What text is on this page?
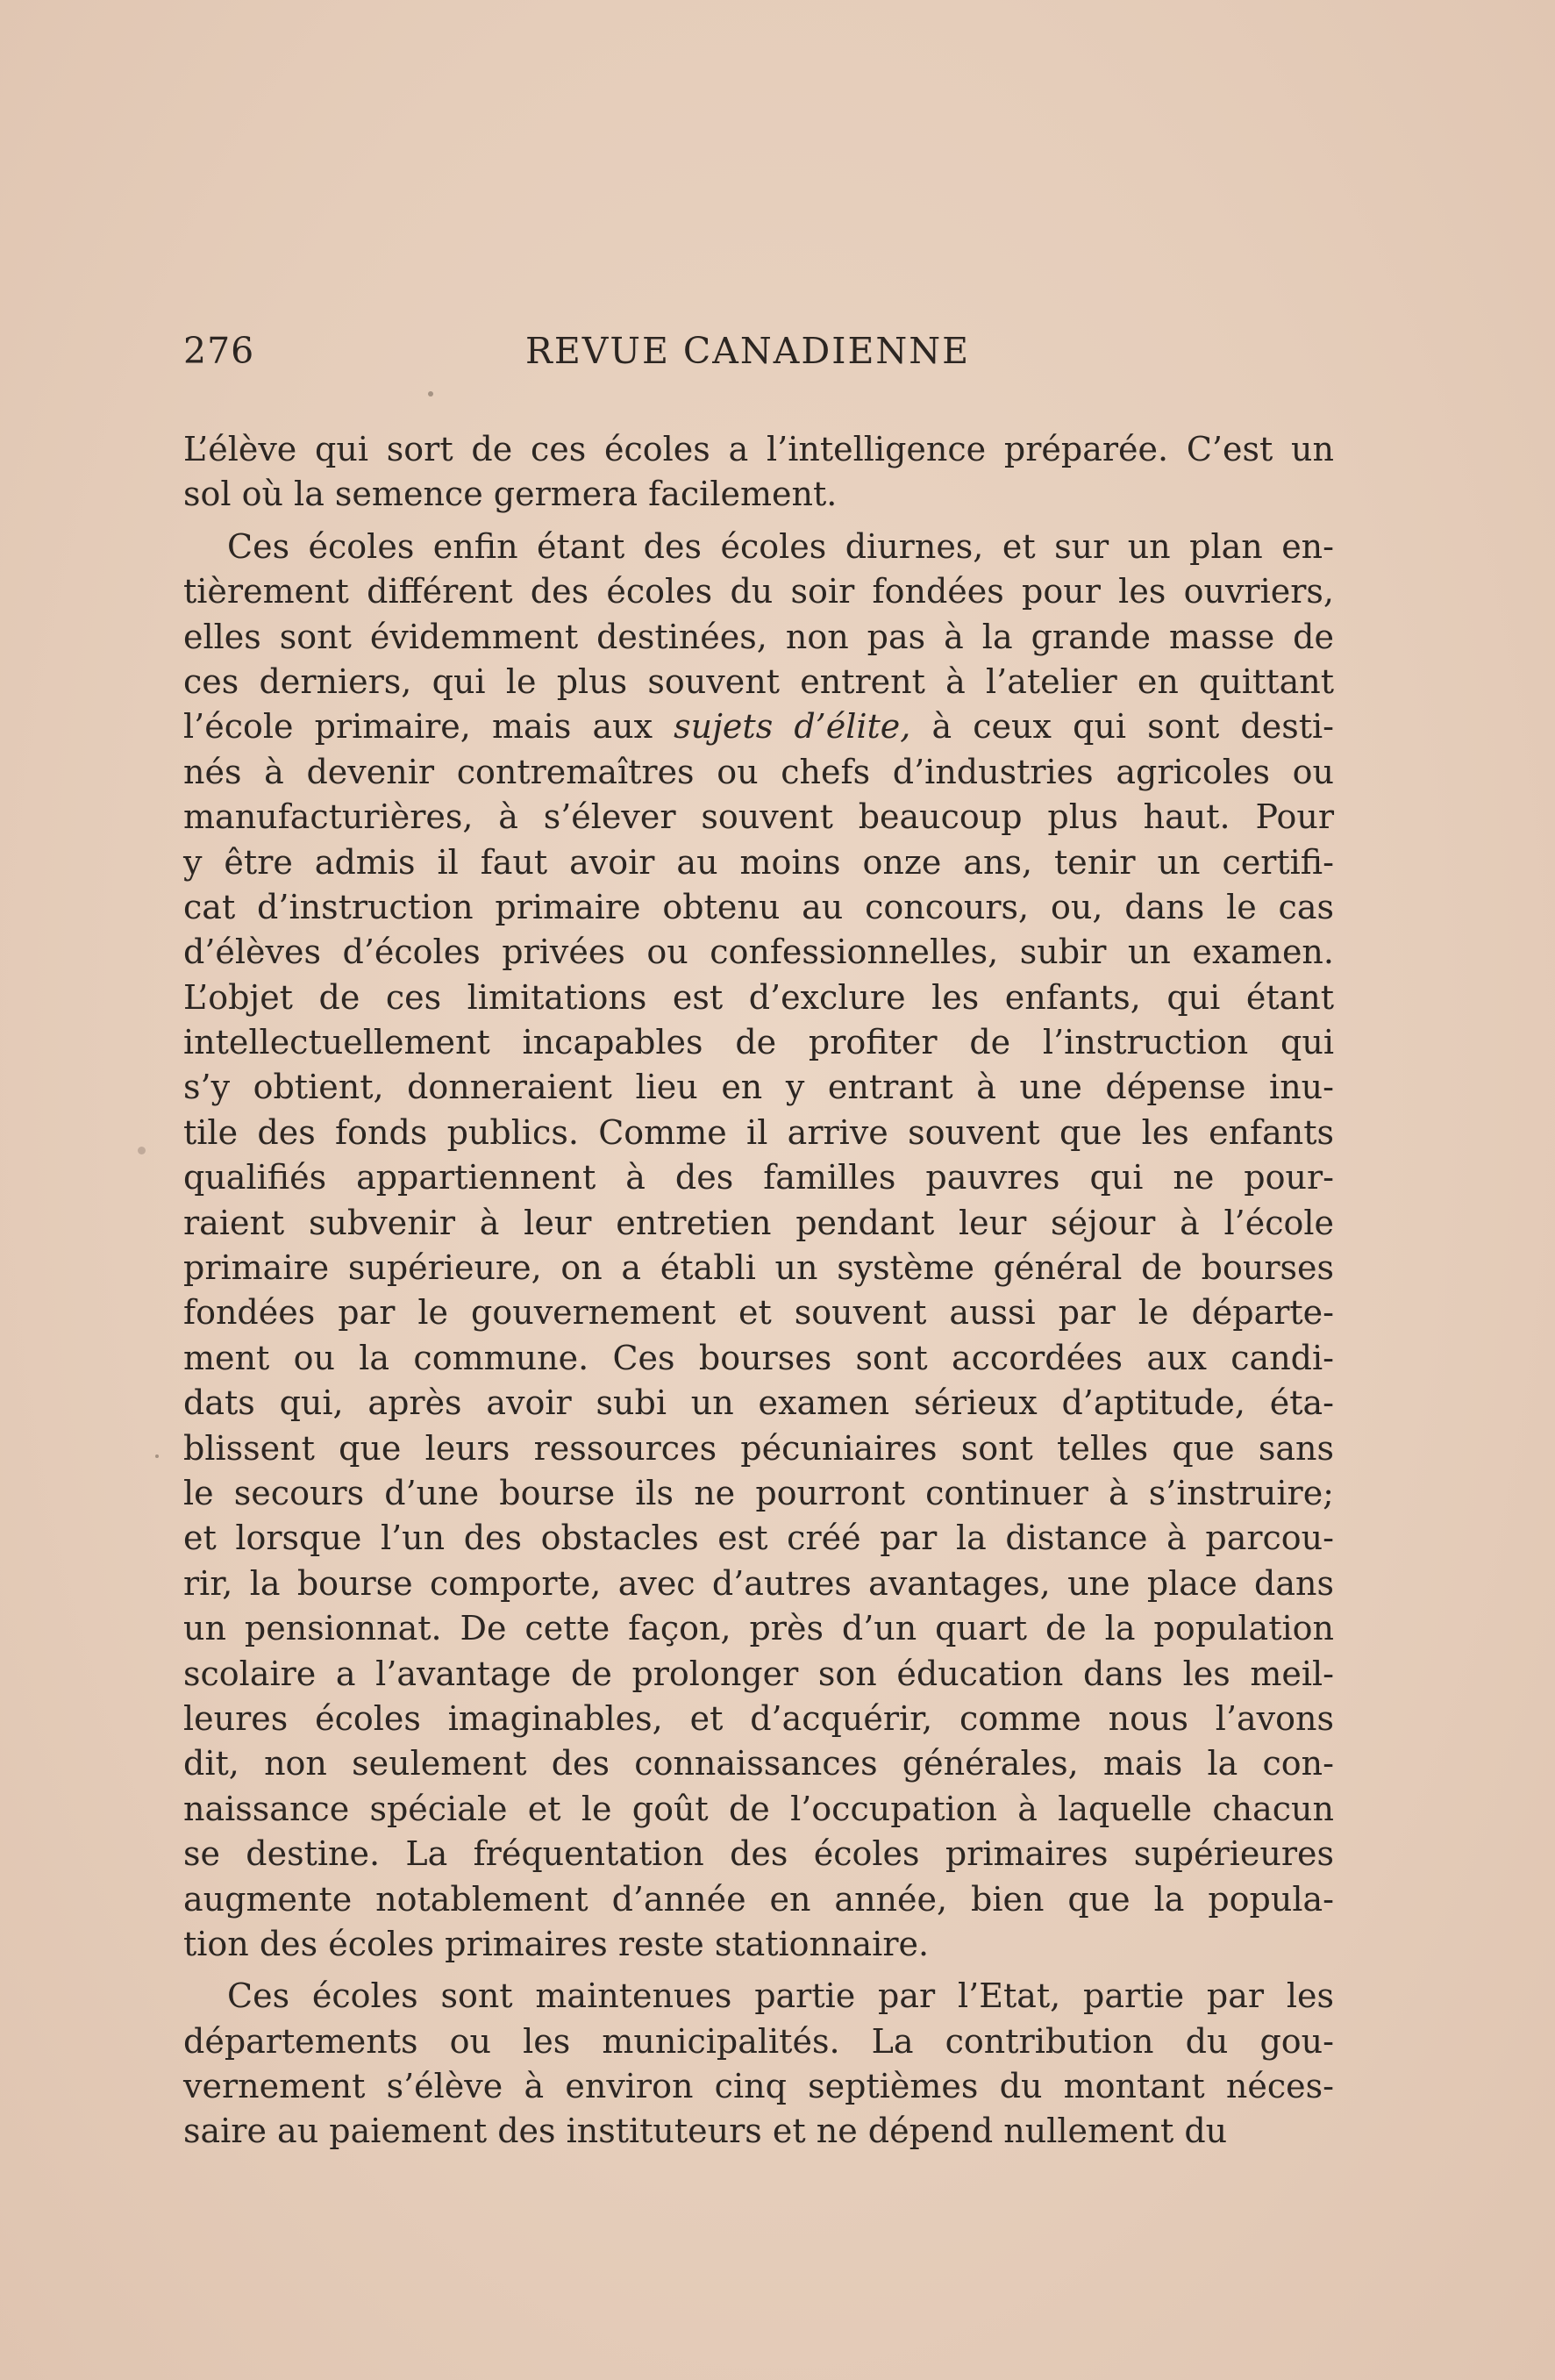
276	REVUE CANADIENNE
L’élève qui sort de ces écoles a l’intelligence préparée. C’est un
sol où la semence germera facilement.
Ces écoles enfin étant des écoles diurnes, et sur un plan en-
tièrement différent des écoles du soir fondées pour les ouvriers,
elles sont évidemment destinées, non pas à la grande masse de
ces derniers, qui le plus souvent entrent à l’atelier en quittant
l’école primaire, mais aux sujets d’élite, à ceux qui sont desti-
nés à devenir contremaîtres ou chefs d’industries agricoles ou
manufacturières, à s’élever souvent beaucoup plus haut. Pour
y être admis il faut avoir au moins onze ans, tenir un certifi-
cat d’instruction primaire obtenu au concours, ou, dans le cas
d’élèves d’écoles privées ou confessionnelles, subir un examen.
L’objet de ces limitations est d’exclure les enfants, qui étant
intellectuellement incapables de profiter de l’instruction qui
s’y obtient, donneraient lieu en y entrant à une dépense inu-
tile des fonds publics. Comme il arrive souvent que les enfants
qualifiés appartiennent à des familles pauvres qui ne pour-
raient subvenir à leur entretien pendant leur séjour à l’école
primaire supérieure, on a établi un système général de bourses
fondées par le gouvernement et souvent aussi par le départe-
ment ou la commune. Ces bourses sont accordées aux candi-
dats qui, après avoir subi un examen sérieux d’aptitude, éta-
blissent que leurs ressources pécuniaires sont telles que sans
le secours d’une bourse ils ne pourront continuer à s’instruire;
et lorsque l’un des obstacles est créé par la distance à parcou-
rir, la bourse comporte, avec d’autres avantages, une place dans
un pensionnat. De cette façon, près d’un quart de la population
scolaire a l’avantage de prolonger son éducation dans les meil-
leures écoles imaginables, et d’acquérir, comme nous l’avons
dit, non seulement des connaissances générales, mais la con-
naissance spéciale et le goût de l’occupation à laquelle chacun
se destine. La fréquentation des écoles primaires supérieures
augmente notablement d’année en année, bien que la popula-
tion des écoles primaires reste stationnaire.
Ces écoles sont maintenues partie par l’Etat, partie par les
départements ou les municipalités. La contribution du gou-
vernement s’élève à environ cinq septièmes du montant néces-
saire au paiement des instituteurs et ne dépend nullement du
